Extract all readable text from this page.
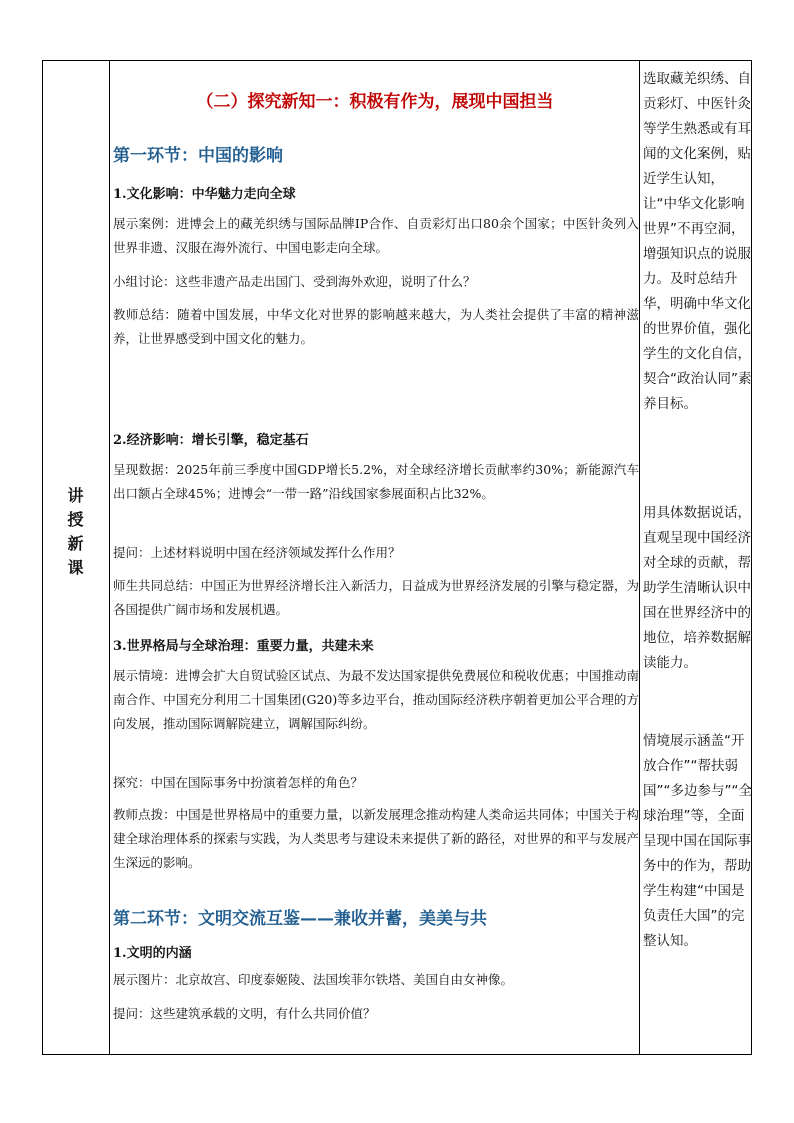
讲授新课
（二）探究新知一：积极有作为，展现中国担当
第一环节：中国的影响
1.文化影响：中华魅力走向全球
展示案例：进博会上的藏羌织绣与国际品牌IP合作、自贡彩灯出口80余个国家；中医针灸列入世界非遗、汉服在海外流行、中国电影走向全球。
小组讨论：这些非遗产品走出国门、受到海外欢迎，说明了什么？
教师总结：随着中国发展，中华文化对世界的影响越来越大，为人类社会提供了丰富的精神滋养，让世界感受到中国文化的魅力。
2.经济影响：增长引擎，稳定基石
呈现数据：2025年前三季度中国GDP增长5.2%，对全球经济增长贡献率约30%；新能源汽车出口额占全球45%；进博会“一带一路”沿线国家参展面积占比32%。
提问：上述材料说明中国在经济领域发挥什么作用？
师生共同总结：中国正为世界经济增长注入新活力，日益成为世界经济发展的引擎与稳定器，为各国提供广阔市场和发展机遇。
3.世界格局与全球治理：重要力量，共建未来
展示情境：进博会扩大自贸试验区试点、为最不发达国家提供免费展位和税收优惠；中国推动南南合作、中国充分利用二十国集团(G20)等多边平台，推动国际经济秩序朝着更加公平合理的方向发展，推动国际调解院建立，调解国际纠纷。
探究：中国在国际事务中扮演着怎样的角色？
教师点拨：中国是世界格局中的重要力量，以新发展理念推动构建人类命运共同体；中国关于构建全球治理体系的探索与实践，为人类思考与建设未来提供了新的路径，对世界的和平与发展产生深远的影响。
第二环节：文明交流互鉴——兼收并蓄，美美与共
1.文明的内涵
展示图片：北京故宫、印度泰姬陵、法国埃菲尔铁塔、美国自由女神像。
提问：这些建筑承载的文明，有什么共同价值？
选取藏羌织绣、自贡彩灯、中医针灸等学生熟悉或有耳闻的文化案例，贴近学生认知，让“中华文化影响世界”不再空洞，增强知识点的说服力。及时总结升华，明确中华文化的世界价值，强化学生的文化自信，契合“政治认同”素养目标。
用具体数据说话，直观呈现中国经济对全球的贡献，帮助学生清晰认识中国在世界经济中的地位，培养数据解读能力。
情境展示涵盖“开放合作”“帮扶弱国”“多边参与”“全球治理”等，全面呈现中国在国际事务中的作为，帮助学生构建“中国是负责任大国”的完整认知。
